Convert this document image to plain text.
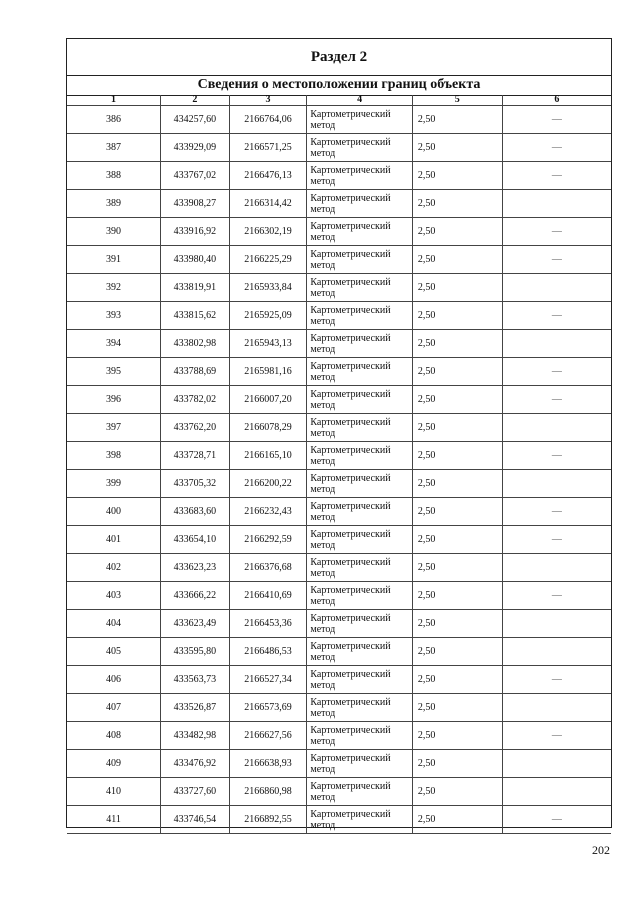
Раздел 2
Сведения о местоположении границ объекта
1	2	3	4	5	6
386	434257,60	2166764,06	Картометрический метод	2,50	—
387	433929,09	2166571,25	Картометрический метод	2,50	—
388	433767,02	2166476,13	Картометрический метод	2,50	—
389	433908,27	2166314,42	Картометрический метод	2,50	
390	433916,92	2166302,19	Картометрический метод	2,50	—
391	433980,40	2166225,29	Картометрический метод	2,50	—
392	433819,91	2165933,84	Картометрический метод	2,50	
393	433815,62	2165925,09	Картометрический метод	2,50	—
394	433802,98	2165943,13	Картометрический метод	2,50	
395	433788,69	2165981,16	Картометрический метод	2,50	—
396	433782,02	2166007,20	Картометрический метод	2,50	—
397	433762,20	2166078,29	Картометрический метод	2,50	
398	433728,71	2166165,10	Картометрический метод	2,50	—
399	433705,32	2166200,22	Картометрический метод	2,50	
400	433683,60	2166232,43	Картометрический метод	2,50	—
401	433654,10	2166292,59	Картометрический метод	2,50	—
402	433623,23	2166376,68	Картометрический метод	2,50	
403	433666,22	2166410,69	Картометрический метод	2,50	—
404	433623,49	2166453,36	Картометрический метод	2,50	
405	433595,80	2166486,53	Картометрический метод	2,50	
406	433563,73	2166527,34	Картометрический метод	2,50	—
407	433526,87	2166573,69	Картометрический метод	2,50	
408	433482,98	2166627,56	Картометрический метод	2,50	—
409	433476,92	2166638,93	Картометрический метод	2,50	
410	433727,60	2166860,98	Картометрический метод	2,50	
411	433746,54	2166892,55	Картометрический метод	2,50	—
202
